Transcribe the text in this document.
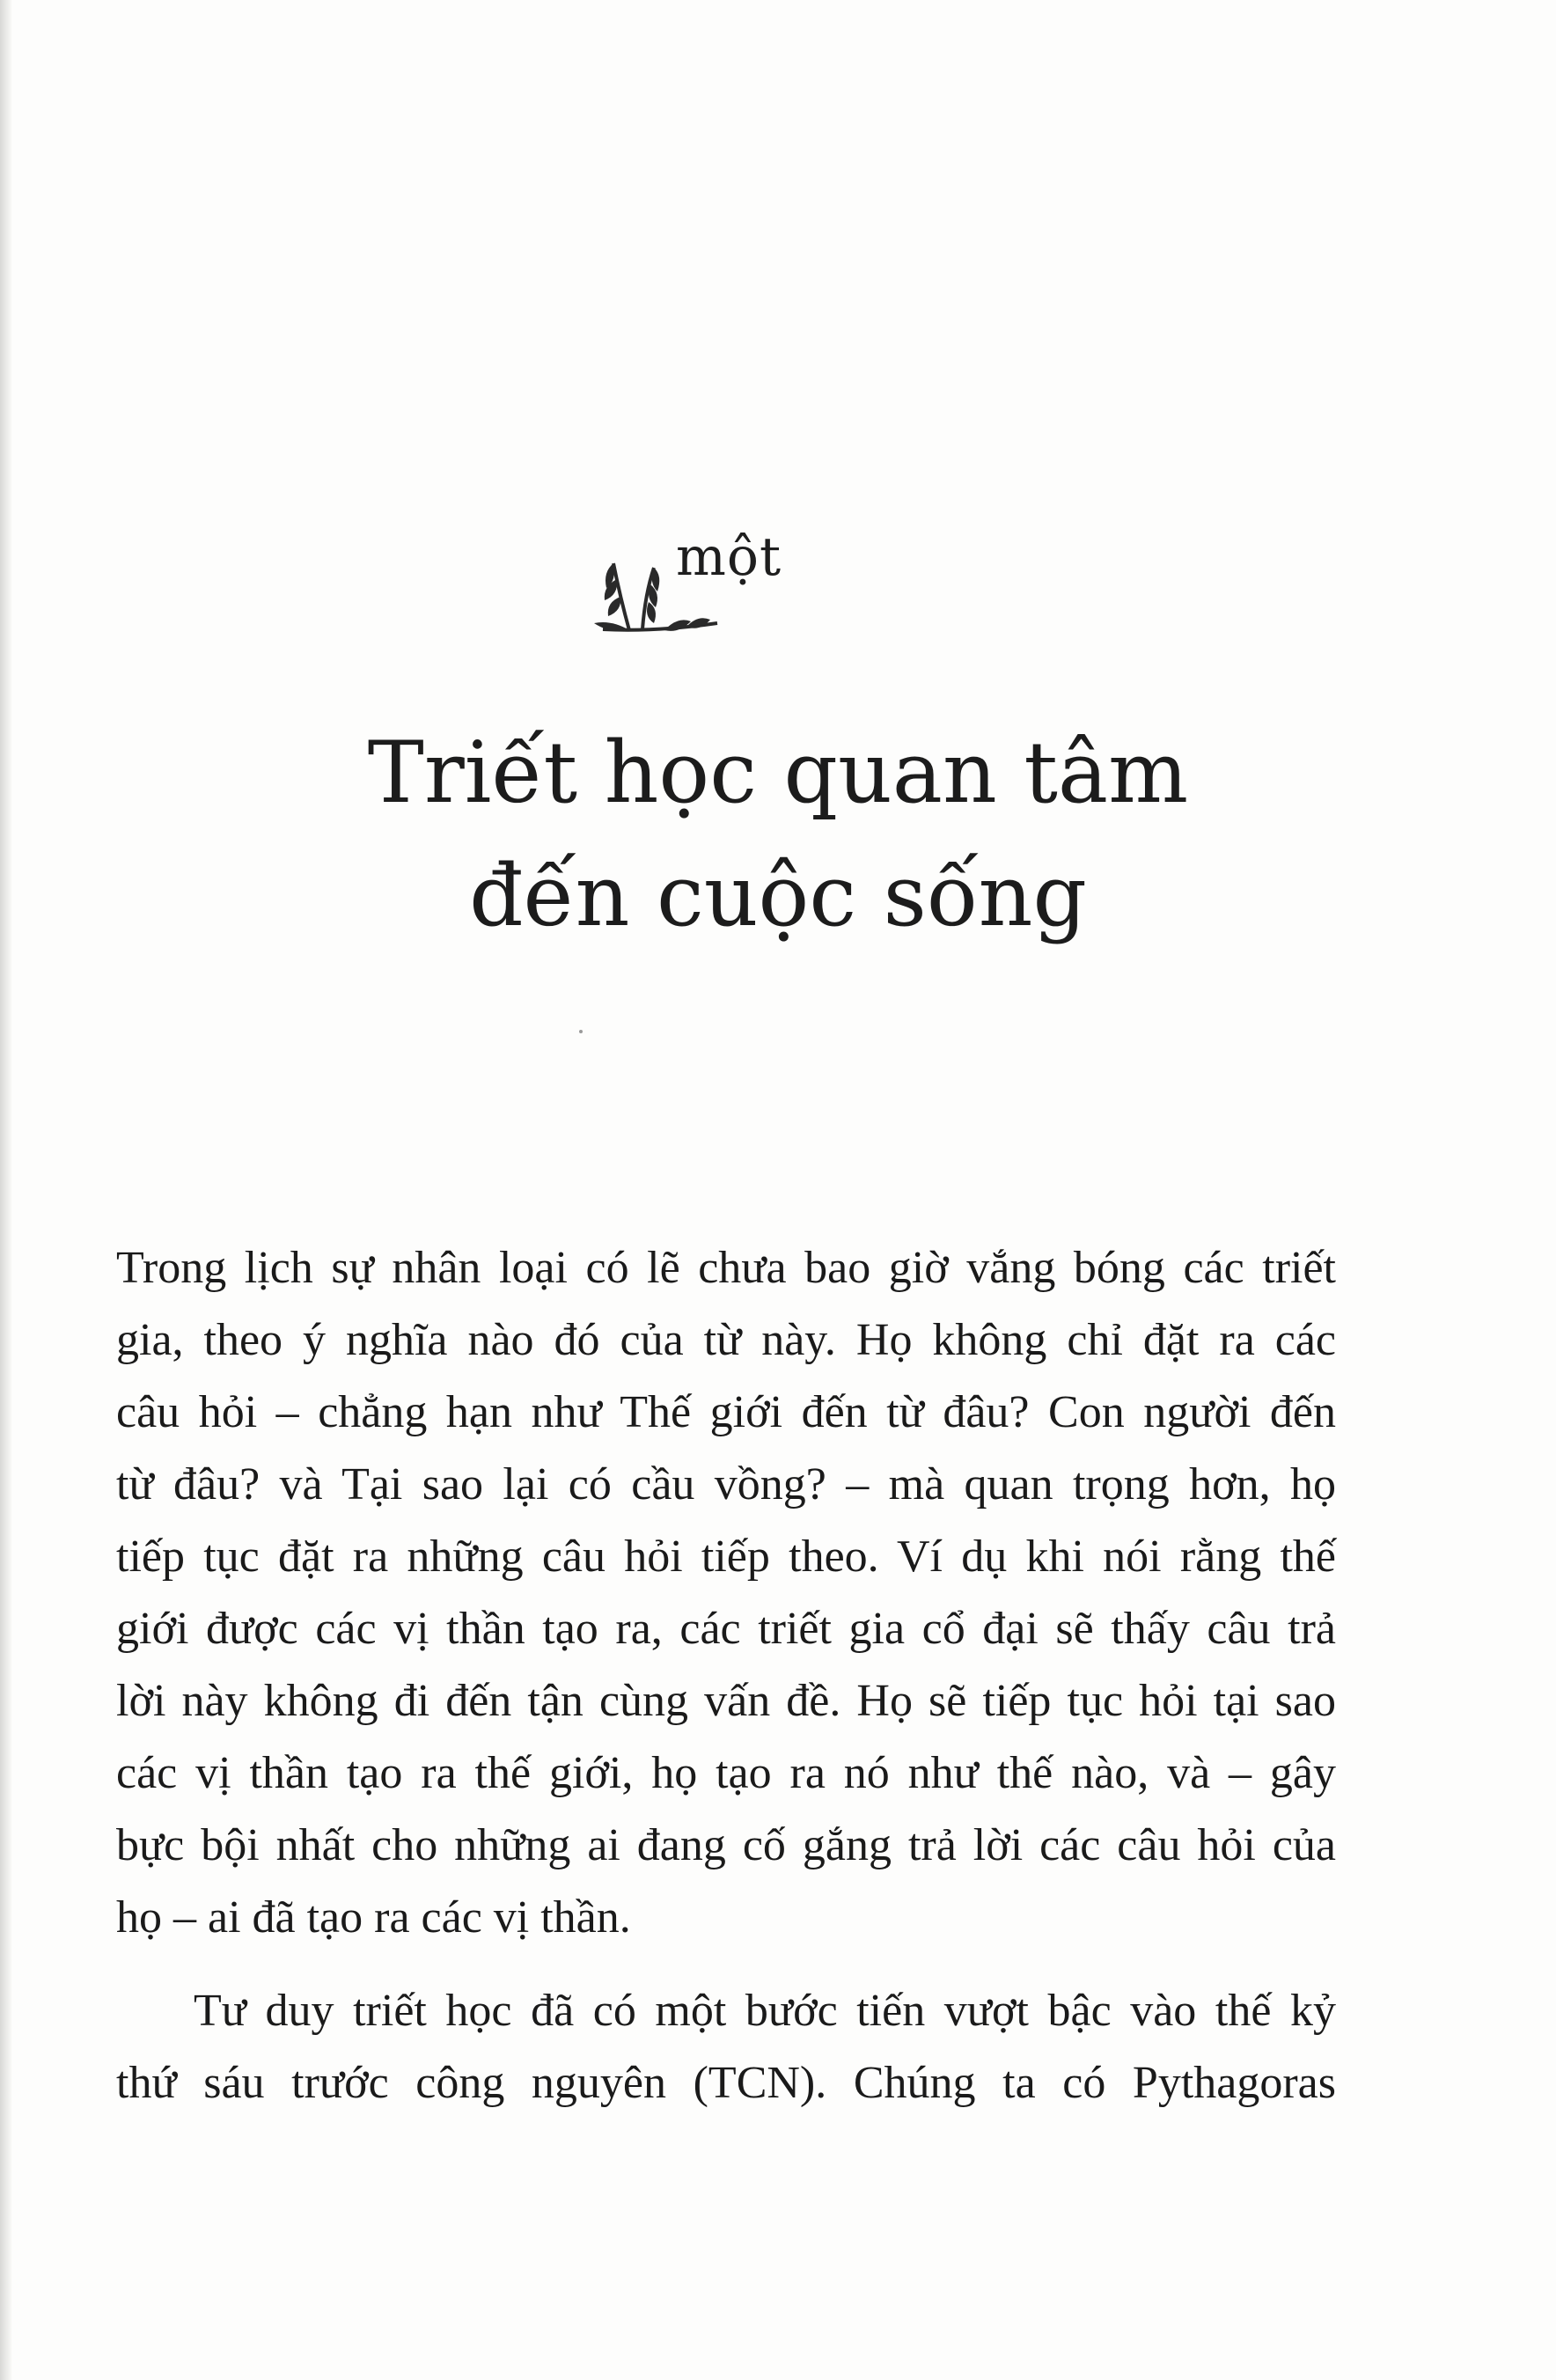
một
Triết học quan tâm
đến cuộc sống

Trong lịch sự nhân loại có lẽ chưa bao giờ vắng bóng các triết
gia, theo ý nghĩa nào đó của từ này. Họ không chỉ đặt ra các
câu hỏi – chẳng hạn như Thế giới đến từ đâu? Con người đến
từ đâu? và Tại sao lại có cầu vồng? – mà quan trọng hơn, họ
tiếp tục đặt ra những câu hỏi tiếp theo. Ví dụ khi nói rằng thế
giới được các vị thần tạo ra, các triết gia cổ đại sẽ thấy câu trả
lời này không đi đến tận cùng vấn đề. Họ sẽ tiếp tục hỏi tại sao
các vị thần tạo ra thế giới, họ tạo ra nó như thế nào, và – gây
bực bội nhất cho những ai đang cố gắng trả lời các câu hỏi của
họ – ai đã tạo ra các vị thần.

Tư duy triết học đã có một bước tiến vượt bậc vào thế kỷ
thứ sáu trước công nguyên (TCN). Chúng ta có Pythagoras
